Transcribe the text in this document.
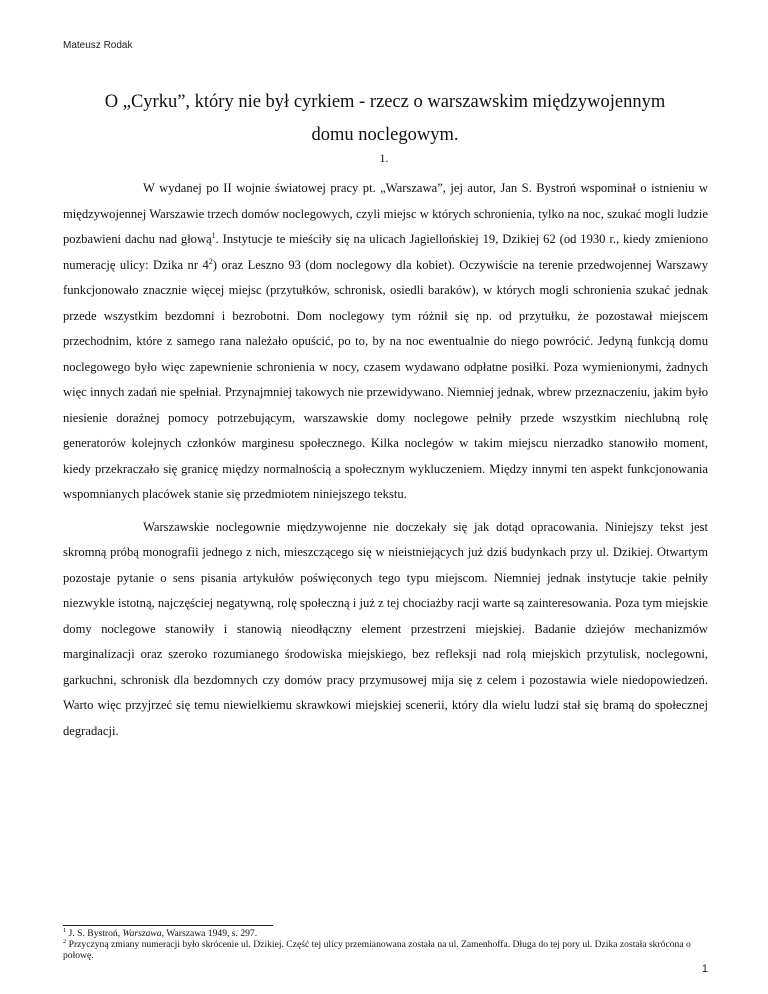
Mateusz Rodak
O „Cyrku”, który nie był cyrkiem - rzecz o warszawskim międzywojennym
domu noclegowym.
1.

W wydanej po II wojnie światowej pracy pt. „Warszawa”, jej autor, Jan S. Bystroń wspominał o istnieniu w międzywojennej Warszawie trzech domów noclegowych, czyli miejsc w których schronienia, tylko na noc, szukać mogli ludzie pozbawieni dachu nad głową$^1$. Instytucje te mieściły się na ulicach Jagiellońskiej 19, Dzikiej 62 (od 1930 r., kiedy zmieniono numerację ulicy: Dzika nr $4^2$) oraz Leszno 93 (dom noclegowy dla kobiet). Oczywiście na terenie przedwojennej Warszawy funkcjonowało znacznie więcej miejsc (przytułków, schronisk, osiedli baraków), w których mogli schronienia szukać jednak przede wszystkim bezdomni i bezrobotni. Dom noclegowy tym różnił się np. od przytułku, że pozostawał miejscem przechodnim, które z samego rana należało opuścić, po to, by na noc ewentualnie do niego powrócić. Jedyną funkcją domu noclegowego było więc zapewnienie schronienia w nocy, czasem wydawano odpłatne posiłki. Poza wymienionymi, żadnych więc innych zadań nie spełniał. Przynajmniej takowych nie przewidywano. Niemniej jednak, wbrew przeznaczeniu, jakim było niesienie doraźnej pomocy potrzebującym, warszawskie domy noclegowe pełniły przede wszystkim niechlubną rolę generatorów kolejnych członków marginesu społecznego. Kilka noclegów w takim miejscu nierzadko stanowiło moment, kiedy przekraczało się granicę między normalnością a społecznym wykluczeniem. Między innymi ten aspekt funkcjonowania wspomnianych placówek stanie się przedmiotem niniejszego tekstu.

Warszawskie noclegownie międzywojenne nie doczekały się jak dotąd opracowania. Niniejszy tekst jest skromną próbą monografii jednego z nich, mieszczącego się w nieistniejących już dziś budynkach przy ul. Dzikiej. Otwartym pozostaje pytanie o sens pisania artykułów poświęconych tego typu miejscom. Niemniej jednak instytucje takie pełniły niezwykle istotną, najczęściej negatywną, rolę społeczną i już z tej chociażby racji warte są zainteresowania. Poza tym miejskie domy noclegowe stanowiły i stanowią nieodłączny element przestrzeni miejskiej. Badanie dziejów mechanizmów marginalizacji oraz szeroko rozumianego środowiska miejskiego, bez refleksji nad rolą miejskich przytulisk, noclegowni, garkuchni, schronisk dla bezdomnych czy domów pracy przymusowej mija się z celem i pozostawia wiele niedopowiedzeń. Warto więc przyjrzeć się temu niewielkiemu skrawkowi miejskiej scenerii, który dla wielu ludzi stał się bramą do społecznej degradacji.

$^1$ J. S. Bystroń, Warszawa, Warszawa 1949, s. 297.

$^2$ Przyczyną zmiany numeracji było skrócenie ul. Dzikiej. Część tej ulicy przemianowana została na ul. Zamenhoffa. Długa do tej pory ul. Dzika została skrócona o połowę.

1
